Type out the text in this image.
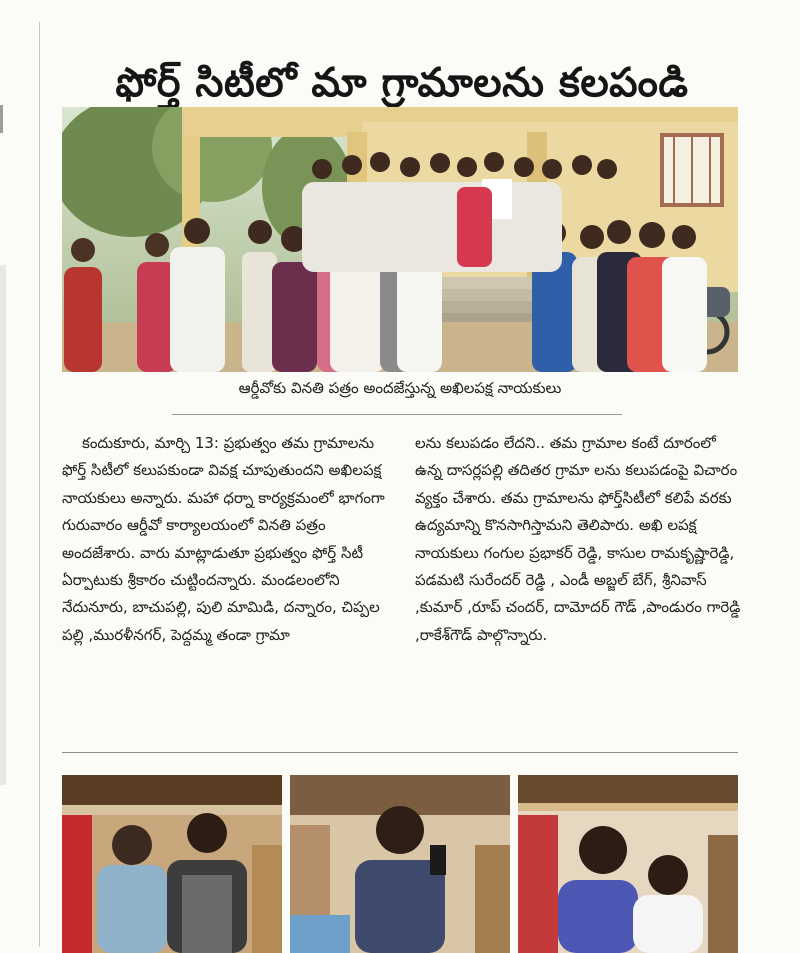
ఫోర్త్‌ సిటీలో మా గ్రామాలను కలపండి
ఆర్డీవోకు వినతి పత్రం అందజేస్తున్న అఖిలపక్ష నాయకులు
కందుకూరు, మార్చి 13: ప్రభుత్వం తమ గ్రామాలను ఫోర్త్‌ సిటీలో కలుపకుండా వివక్ష చూపుతుందని అఖిలపక్ష నాయకులు అన్నారు. మహా ధర్నా కార్యక్రమంలో భాగంగా గురువారం ఆర్డీవో కార్యాలయంలో వినతి పత్రం అందజేశారు. వారు మాట్లాడుతూ ప్రభుత్వం ఫోర్త్‌ సిటీ ఏర్పాటుకు శ్రీకారం చుట్టిందన్నారు. మండలంలోని నేదునూరు, బాచుపల్లి, పులి మామిడి, దన్నారం, చిప్పల పల్లి ,మురళీనగర్‌, పెద్దమ్మ తండా గ్రామా
లను కలుపడం లేదని.. తమ గ్రామాల కంటే దూరంలో ఉన్న దాసర్లపల్లి తదితర గ్రామా లను కలుపడంపై విచారం వ్యక్తం చేశారు. తమ గ్రామాలను ఫోర్త్‌సిటీలో కలిపే వరకు ఉద్యమాన్ని కొనసాగిస్తామని తెలిపారు. అఖి లపక్ష నాయకులు గంగుల ప్రభాకర్‌ రెడ్డి, కాసుల రామకృష్ణారెడ్డి, పడమటి సురేందర్‌ రెడ్డి , ఎండీ అబ్జల్‌ బేగ్‌, శ్రీనివాస్‌ ,కుమార్‌ ,రూప్‌ చందర్‌, దామోదర్‌ గౌడ్‌ ,పాండురం గారెడ్డి ,రాకేశ్‌గౌడ్‌ పాల్గొన్నారు.
